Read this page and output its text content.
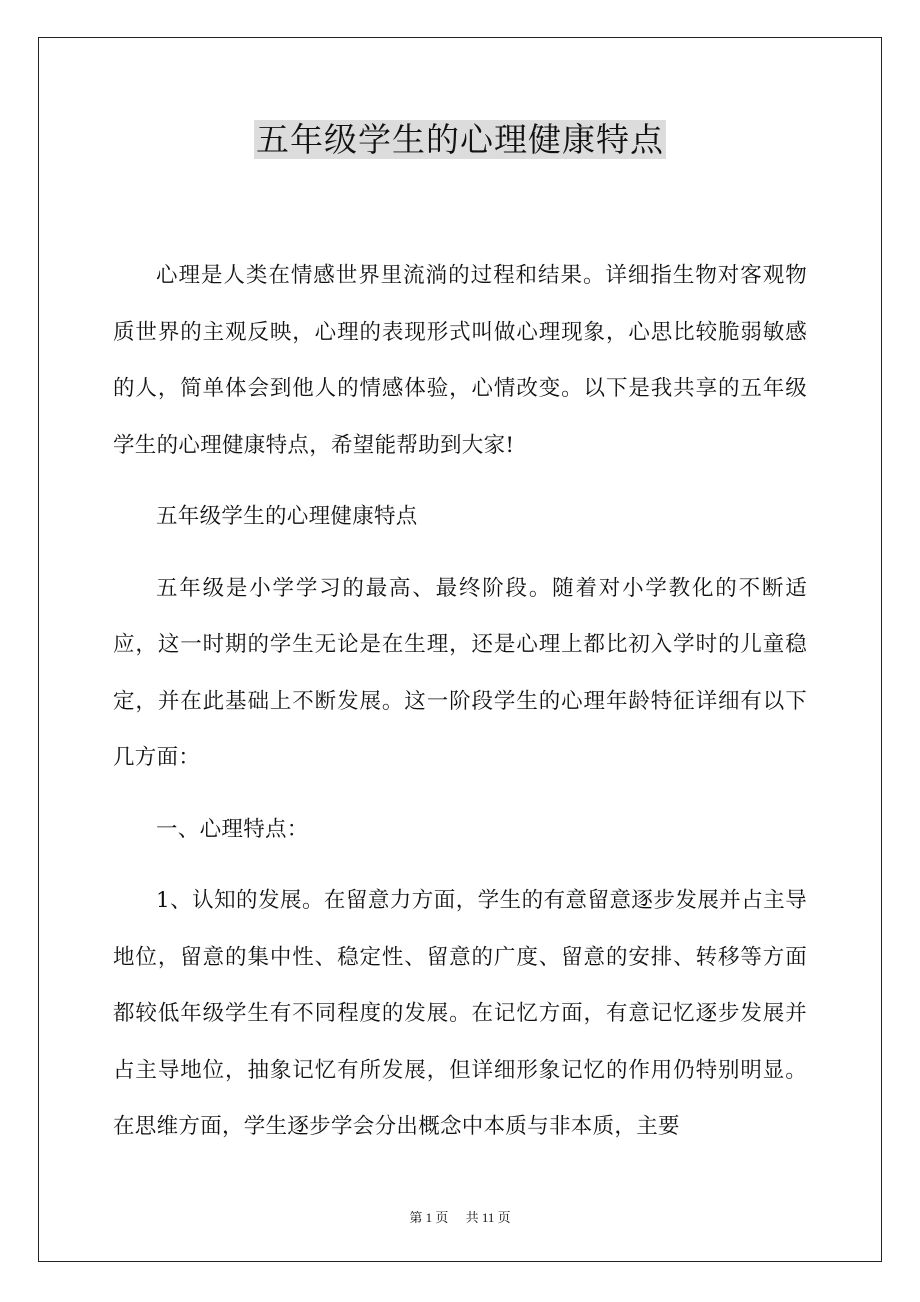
五年级学生的心理健康特点

心理是人类在情感世界里流淌的过程和结果。详细指生物对客观物质世界的主观反映，心理的表现形式叫做心理现象，心思比较脆弱敏感的人，简单体会到他人的情感体验，心情改变。以下是我共享的五年级学生的心理健康特点，希望能帮助到大家!

五年级学生的心理健康特点

五年级是小学学习的最高、最终阶段。随着对小学教化的不断适应，这一时期的学生无论是在生理，还是心理上都比初入学时的儿童稳定，并在此基础上不断发展。这一阶段学生的心理年龄特征详细有以下几方面：

一、心理特点：

1、认知的发展。在留意力方面，学生的有意留意逐步发展并占主导地位，留意的集中性、稳定性、留意的广度、留意的安排、转移等方面都较低年级学生有不同程度的发展。在记忆方面，有意记忆逐步发展并占主导地位，抽象记忆有所发展，但详细形象记忆的作用仍特别明显。在思维方面，学生逐步学会分出概念中本质与非本质，主要

第 1 页 共 11 页
